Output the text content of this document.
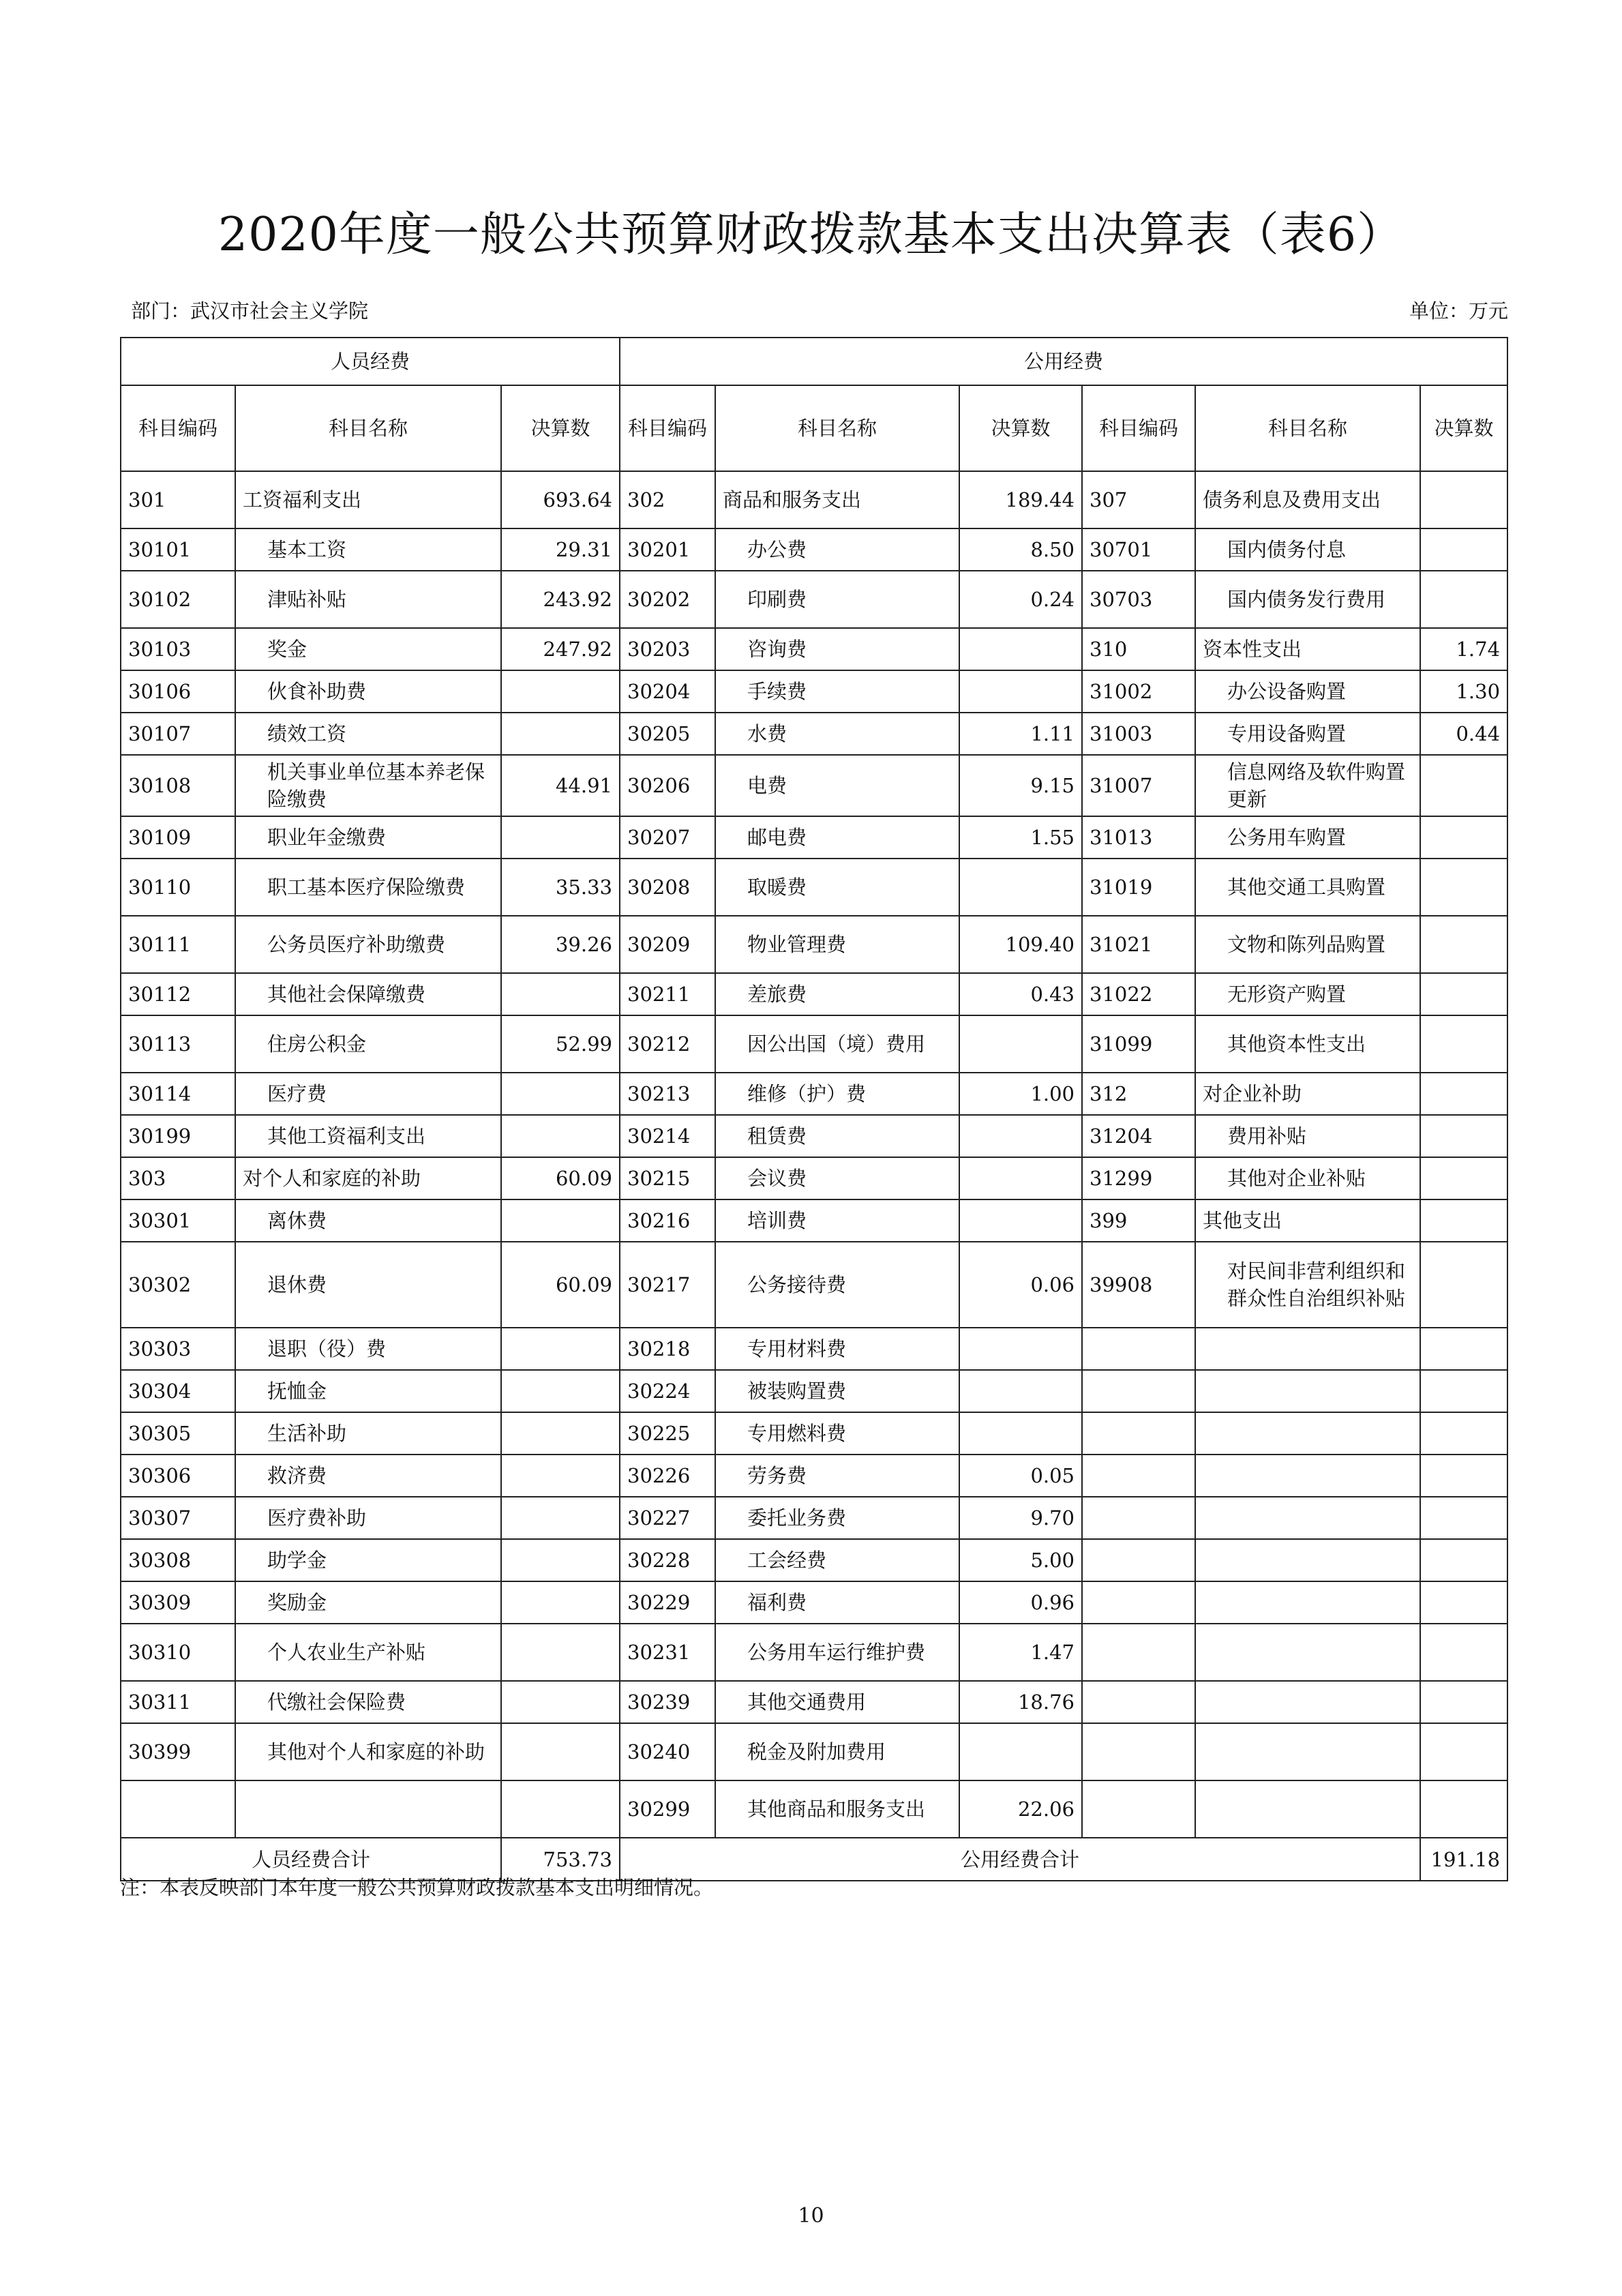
2020年度一般公共预算财政拨款基本支出决算表（表6）
部门：武汉市社会主义学院	单位：万元
人员经费			公用经费					
科目编码	科目名称	决算数	科目编码	科目名称	决算数	科目编码	科目名称	决算数
301	工资福利支出	693.64	302	商品和服务支出	189.44	307	债务利息及费用支出	
30101	基本工资	29.31	30201	办公费	8.50	30701	国内债务付息	
30102	津贴补贴	243.92	30202	印刷费	0.24	30703	国内债务发行费用	
30103	奖金	247.92	30203	咨询费		310	资本性支出	1.74
30106	伙食补助费		30204	手续费		31002	办公设备购置	1.30
30107	绩效工资		30205	水费	1.11	31003	专用设备购置	0.44
30108	机关事业单位基本养老保险缴费	44.91	30206	电费	9.15	31007	信息网络及软件购置更新	
30109	职业年金缴费		30207	邮电费	1.55	31013	公务用车购置	
30110	职工基本医疗保险缴费	35.33	30208	取暖费		31019	其他交通工具购置	
30111	公务员医疗补助缴费	39.26	30209	物业管理费	109.40	31021	文物和陈列品购置	
30112	其他社会保障缴费		30211	差旅费	0.43	31022	无形资产购置	
30113	住房公积金	52.99	30212	因公出国（境）费用		31099	其他资本性支出	
30114	医疗费		30213	维修（护）费	1.00	312	对企业补助	
30199	其他工资福利支出		30214	租赁费		31204	费用补贴	
303	对个人和家庭的补助	60.09	30215	会议费		31299	其他对企业补贴	
30301	离休费		30216	培训费		399	其他支出	
30302	退休费	60.09	30217	公务接待费	0.06	39908	对民间非营利组织和群众性自治组织补贴	
30303	退职（役）费		30218	专用材料费				
30304	抚恤金		30224	被装购置费				
30305	生活补助		30225	专用燃料费				
30306	救济费		30226	劳务费	0.05			
30307	医疗费补助		30227	委托业务费	9.70			
30308	助学金		30228	工会经费	5.00			
30309	奖励金		30229	福利费	0.96			
30310	个人农业生产补贴		30231	公务用车运行维护费	1.47			
30311	代缴社会保险费		30239	其他交通费用	18.76			
30399	其他对个人和家庭的补助		30240	税金及附加费用				
			30299	其他商品和服务支出	22.06			
人员经费合计		753.73	公用经费合计					191.18
注：本表反映部门本年度一般公共预算财政拨款基本支出明细情况。
10
